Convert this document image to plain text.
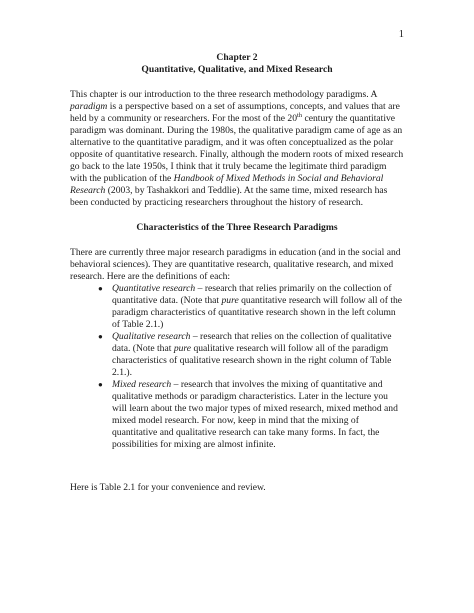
1
Chapter 2
Quantitative, Qualitative, and Mixed Research

This chapter is our introduction to the three research methodology paradigms. A paradigm is a perspective based on a set of assumptions, concepts, and values that are held by a community or researchers. For the most of the 20th century the quantitative paradigm was dominant. During the 1980s, the qualitative paradigm came of age as an alternative to the quantitative paradigm, and it was often conceptualized as the polar opposite of quantitative research. Finally, although the modern roots of mixed research go back to the late 1950s, I think that it truly became the legitimate third paradigm with the publication of the Handbook of Mixed Methods in Social and Behavioral Research (2003, by Tashakkori and Teddlie). At the same time, mixed research has been conducted by practicing researchers throughout the history of research.

Characteristics of the Three Research Paradigms

There are currently three major research paradigms in education (and in the social and behavioral sciences). They are quantitative research, qualitative research, and mixed research. Here are the definitions of each:

● Quantitative research – research that relies primarily on the collection of quantitative data. (Note that pure quantitative research will follow all of the paradigm characteristics of quantitative research shown in the left column of Table 2.1.)
● Qualitative research – research that relies on the collection of qualitative data. (Note that pure qualitative research will follow all of the paradigm characteristics of qualitative research shown in the right column of Table 2.1.).
● Mixed research – research that involves the mixing of quantitative and qualitative methods or paradigm characteristics. Later in the lecture you will learn about the two major types of mixed research, mixed method and mixed model research. For now, keep in mind that the mixing of quantitative and qualitative research can take many forms. In fact, the possibilities for mixing are almost infinite.

Here is Table 2.1 for your convenience and review.
